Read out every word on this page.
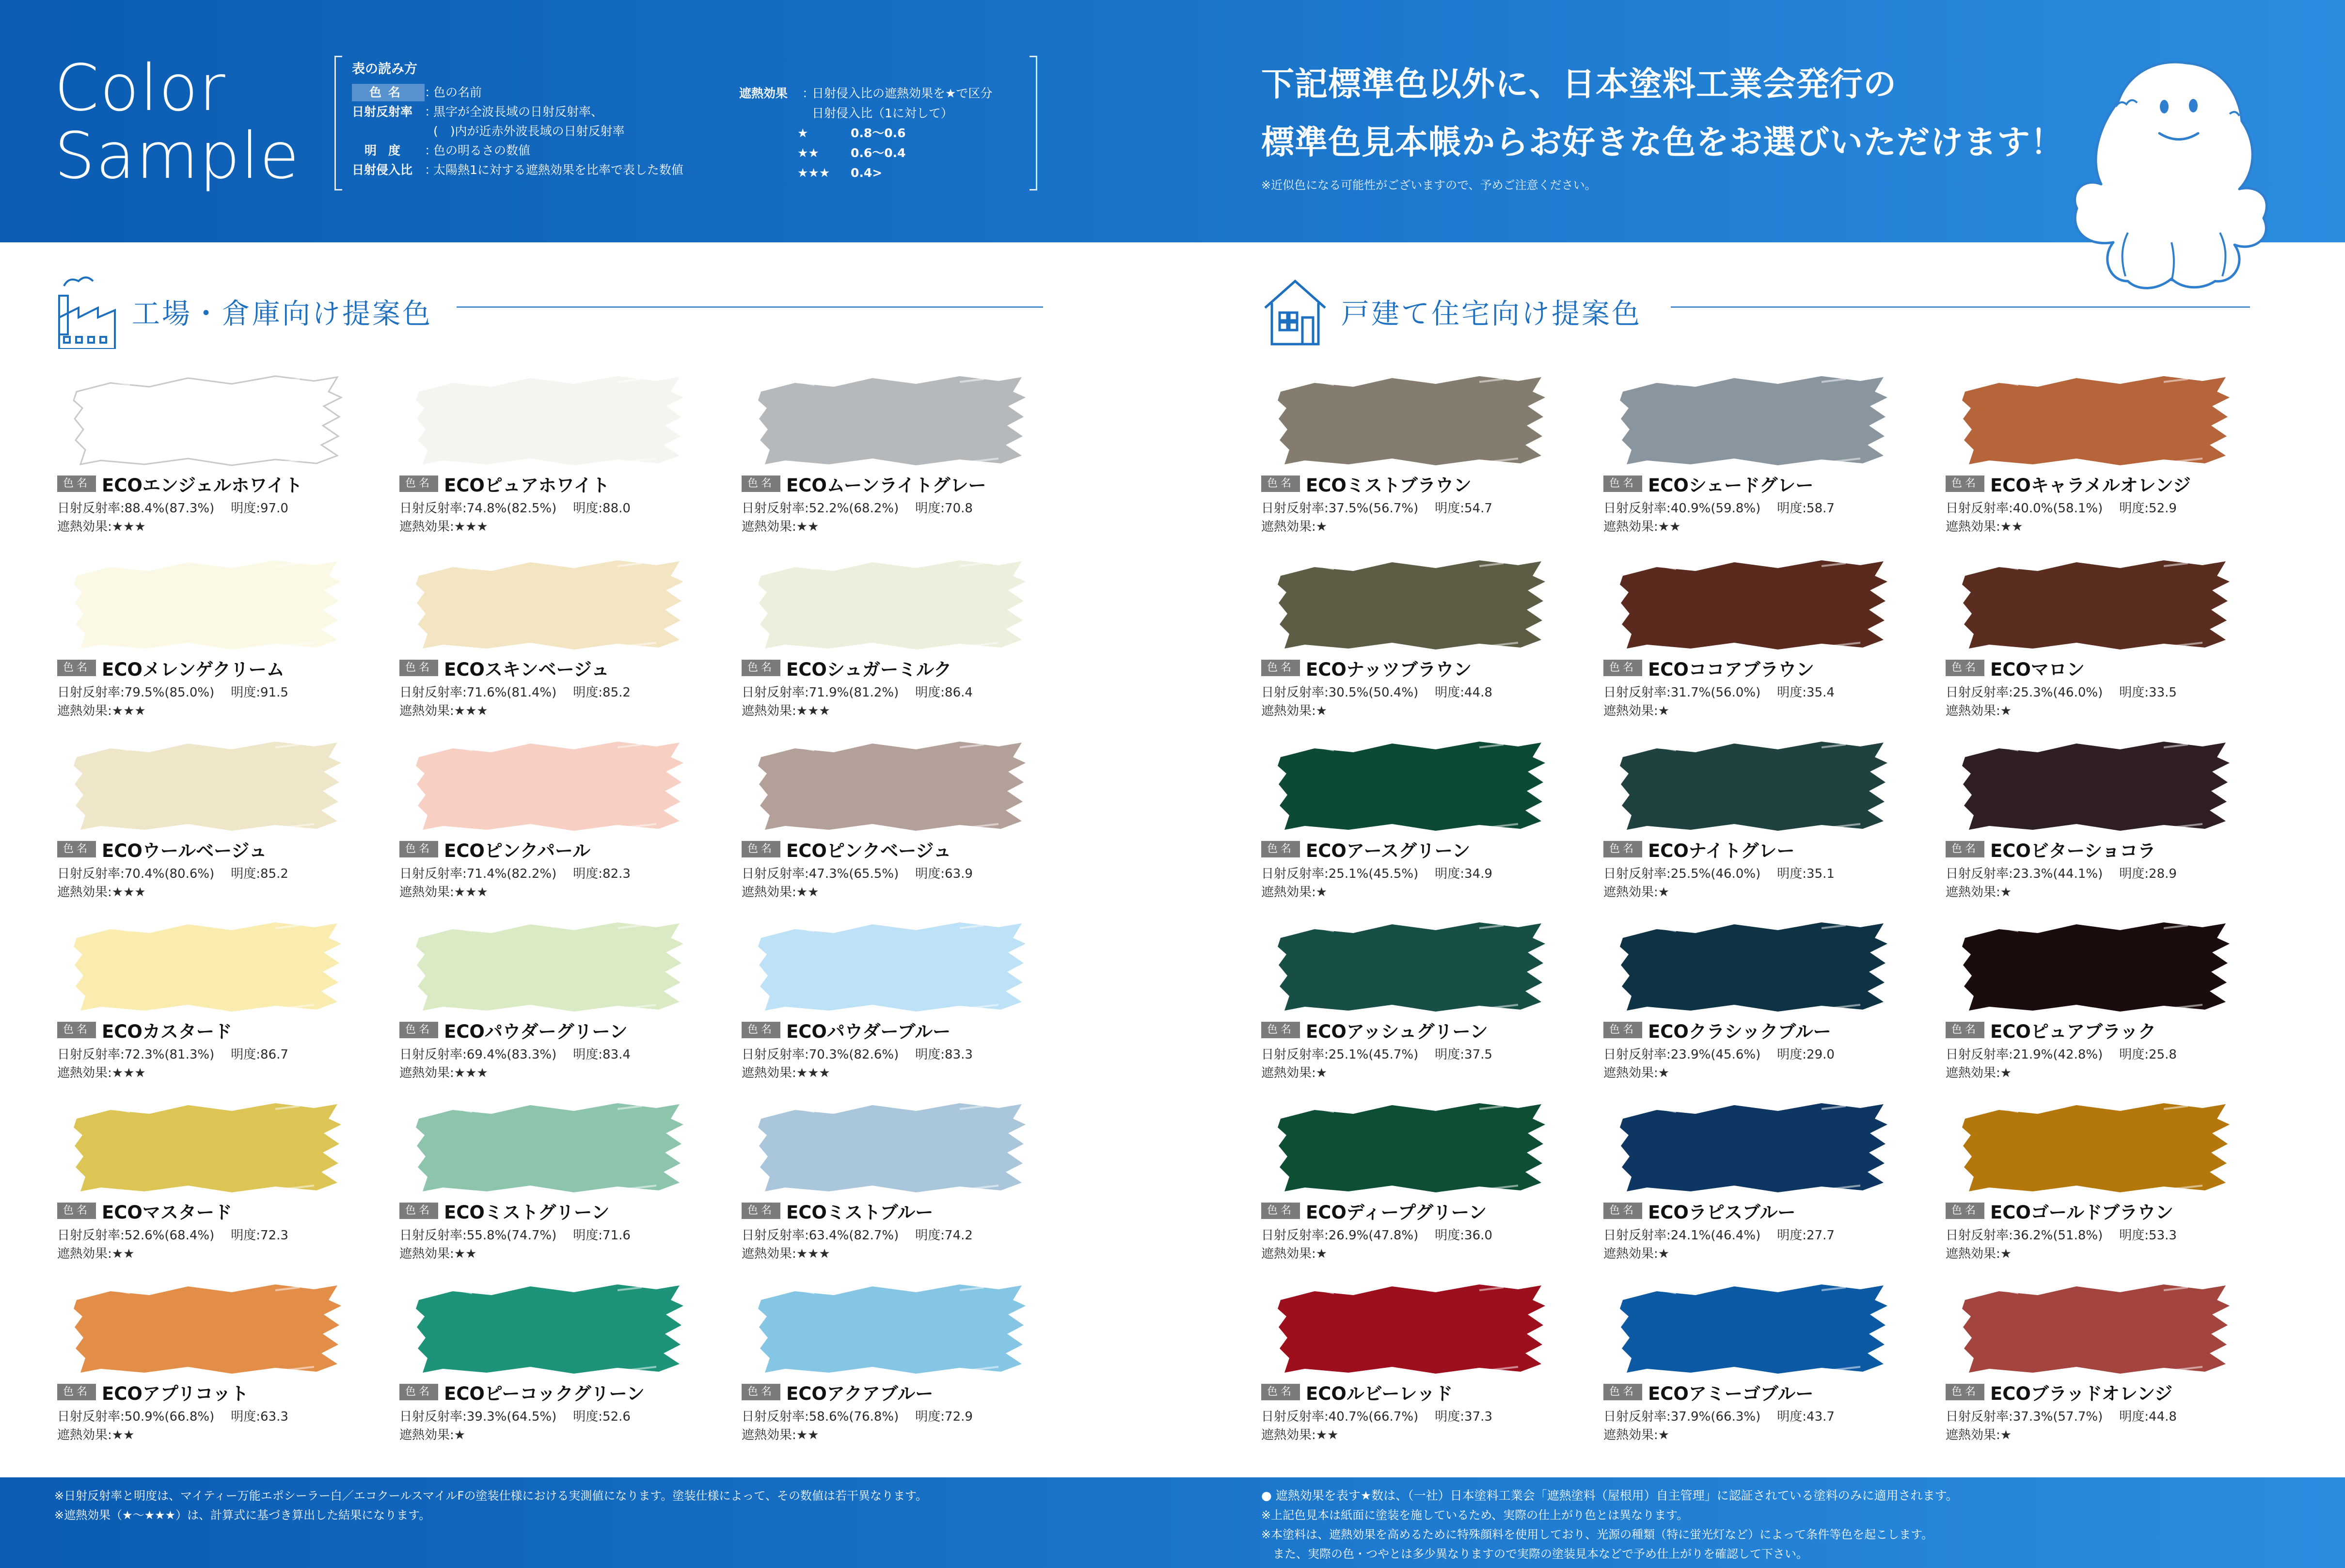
Color
Sample
表の読み方
色名	：
色の名前
日射反射率 ：
黒字が全波長域の日射反射率、
(　)内が近赤外波長域の日射反射率
明度	：
色の明るさの数値
日射侵入比 ：
太陽熱1に対する遮熱効果を比率で表した数値
遮熱効果	：
日射侵入比の遮熱効果を★で区分
日射侵入比（1に対して）
★	0.8〜0.6
★★	0.6〜0.4
★★★	0.4>
下記標準色以外に、日本塗料工業会発行の
標準色見本帳からお好きな色をお選びいただけます！
※近似色になる可能性がございますので、予めご注意ください。
工場・倉庫向け提案色	戸建て住宅向け提案色
色名 ECOエンジェルホワイト
日射反射率:88.4%(87.3%) 明度:97.0
遮熱効果:★★★
色名 ECOピュアホワイト
日射反射率:74.8%(82.5%) 明度:88.0
遮熱効果:★★★
色名 ECOムーンライトグレー
日射反射率:52.2%(68.2%) 明度:70.8
遮熱効果:★★
色名 ECOメレンゲクリーム
日射反射率:79.5%(85.0%) 明度:91.5
遮熱効果:★★★
色名 ECOスキンベージュ
日射反射率:71.6%(81.4%) 明度:85.2
遮熱効果:★★★
色名 ECOシュガーミルク
日射反射率:71.9%(81.2%) 明度:86.4
遮熱効果:★★★
色名 ECOウールベージュ
日射反射率:70.4%(80.6%) 明度:85.2
遮熱効果:★★★
色名 ECOピンクパール
日射反射率:71.4%(82.2%) 明度:82.3
遮熱効果:★★★
色名 ECOピンクベージュ
日射反射率:47.3%(65.5%) 明度:63.9
遮熱効果:★★
色名 ECOカスタード
日射反射率:72.3%(81.3%) 明度:86.7
遮熱効果:★★★
色名 ECOパウダーグリーン
日射反射率:69.4%(83.3%) 明度:83.4
遮熱効果:★★★
色名 ECOパウダーブルー
日射反射率:70.3%(82.6%) 明度:83.3
遮熱効果:★★★
色名 ECOマスタード
日射反射率:52.6%(68.4%) 明度:72.3
遮熱効果:★★
色名 ECOミストグリーン
日射反射率:55.8%(74.7%) 明度:71.6
遮熱効果:★★
色名 ECOミストブルー
日射反射率:63.4%(82.7%) 明度:74.2
遮熱効果:★★★
色名 ECOアプリコット
日射反射率:50.9%(66.8%) 明度:63.3
遮熱効果:★★
色名 ECOピーコックグリーン
日射反射率:39.3%(64.5%) 明度:52.6
遮熱効果:★
色名 ECOアクアブルー
日射反射率:58.6%(76.8%) 明度:72.9
遮熱効果:★★
色名 ECOミストブラウン
日射反射率:37.5%(56.7%) 明度:54.7
遮熱効果:★
色名 ECOシェードグレー
日射反射率:40.9%(59.8%) 明度:58.7
遮熱効果:★★
色名 ECOキャラメルオレンジ
日射反射率:40.0%(58.1%) 明度:52.9
遮熱効果:★★
色名 ECOナッツブラウン
日射反射率:30.5%(50.4%) 明度:44.8
遮熱効果:★
色名 ECOココアブラウン
日射反射率:31.7%(56.0%) 明度:35.4
遮熱効果:★
色名 ECOマロン
日射反射率:25.3%(46.0%) 明度:33.5
遮熱効果:★
色名 ECOアースグリーン
日射反射率:25.1%(45.5%) 明度:34.9
遮熱効果:★
色名 ECOナイトグレー
日射反射率:25.5%(46.0%) 明度:35.1
遮熱効果:★
色名 ECOビターショコラ
日射反射率:23.3%(44.1%) 明度:28.9
遮熱効果:★
色名 ECOアッシュグリーン
日射反射率:25.1%(45.7%) 明度:37.5
遮熱効果:★
色名 ECOクラシックブルー
日射反射率:23.9%(45.6%) 明度:29.0
遮熱効果:★
色名 ECOピュアブラック
日射反射率:21.9%(42.8%) 明度:25.8
遮熱効果:★
色名 ECOディープグリーン
日射反射率:26.9%(47.8%) 明度:36.0
遮熱効果:★
色名 ECOラピスブルー
日射反射率:24.1%(46.4%) 明度:27.7
遮熱効果:★
色名 ECOゴールドブラウン
日射反射率:36.2%(51.8%) 明度:53.3
遮熱効果:★
色名 ECOルビーレッド
日射反射率:40.7%(66.7%) 明度:37.3
遮熱効果:★★
色名 ECOアミーゴブルー
日射反射率:37.9%(66.3%) 明度:43.7
遮熱効果:★
色名 ECOブラッドオレンジ
日射反射率:37.3%(57.7%) 明度:44.8
遮熱効果:★
※日射反射率と明度は、マイティー万能エポシーラー白／エコクールスマイルFの塗装仕様における実測値になります。塗装仕様によって、その数値は若干異なります。
※遮熱効果（★〜★★★）は、計算式に基づき算出した結果になります。
● 遮熱効果を表す★数は、（一社）日本塗料工業会「遮熱塗料（屋根用）自主管理」に認証されている塗料のみに適用されます。
※上記色見本は紙面に塗装を施しているため、実際の仕上がり色とは異なります。
※本塗料は、遮熱効果を高めるために特殊顔料を使用しており、光源の種類（特に蛍光灯など）によって条件等色を起こします。
　また、実際の色・つやとは多少異なりますので実際の塗装見本などで予め仕上がりを確認して下さい。
